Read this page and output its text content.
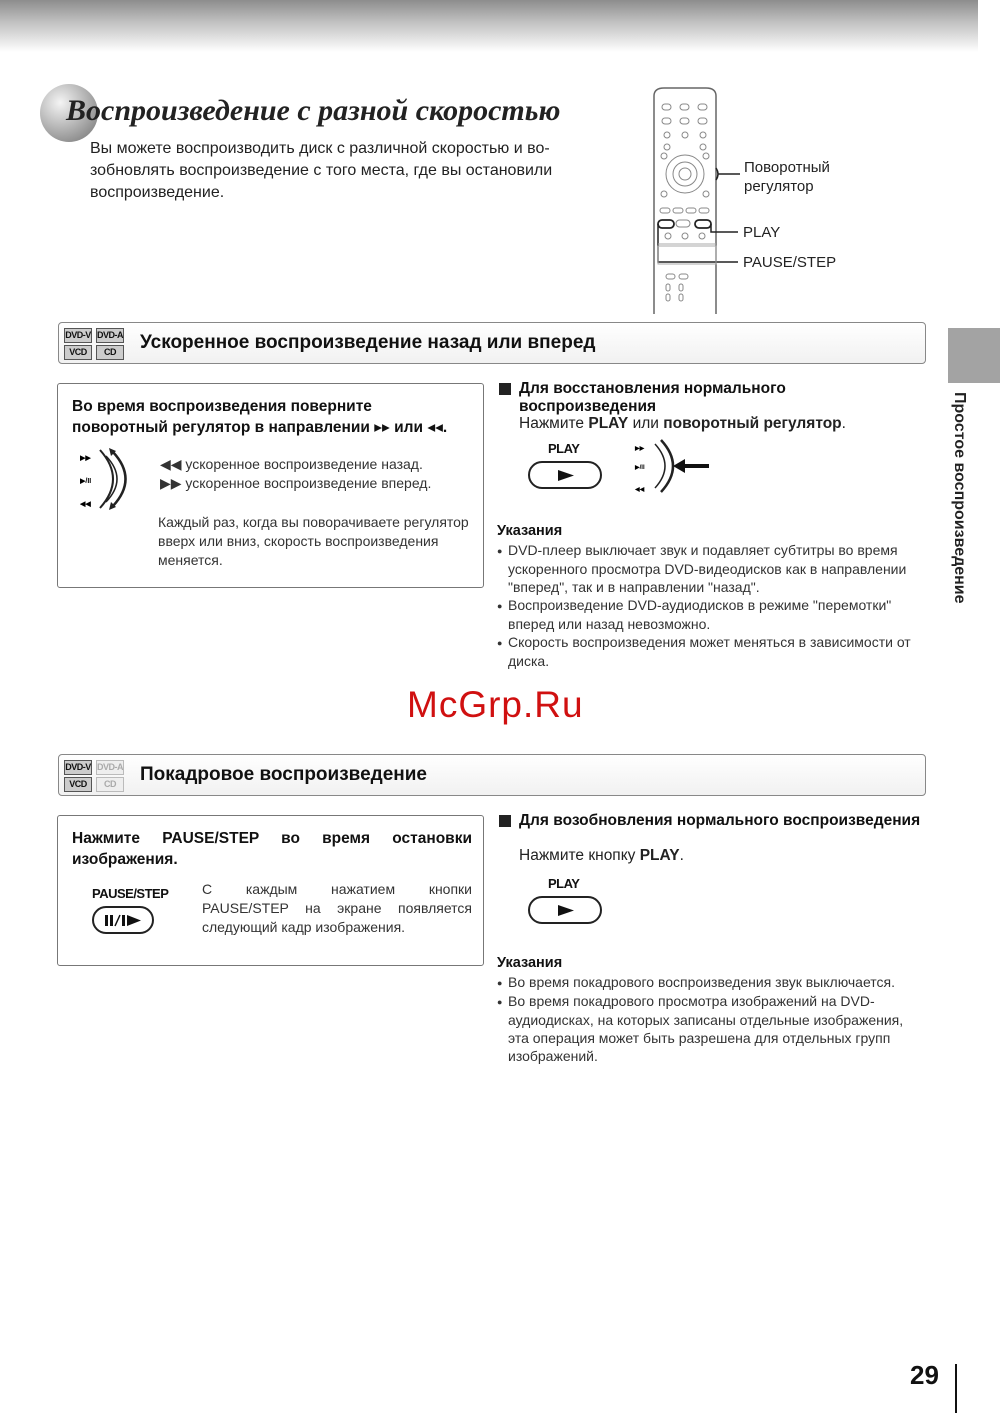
Воспроизведение с разной скоростью
Вы можете воспроизводить диск с различной скоростью и во-зобновлять воспроизведение с того места, где вы остановили воспроизведение.
Поворотный
регулятор
PLAY
PAUSE/STEP
Простое воспроизведение
DVD-V DVD-A
VCD	CD	Ускоренное воспроизведение назад или вперед
Во время воспроизведения поверните поворотный регулятор в направлении ▸▸ или ◂◂.
▶▶
▶/II
◀◀
◀◀ ускоренное воспроизведение назад.
▶▶ ускоренное воспроизведение вперед.
Каждый раз, когда вы поворачиваете регулятор вверх или вниз, скорость воспроизведения меняется.
Для восстановления нормального воспроизведения
Нажмите PLAY или поворотный регулятор.
PLAY	▶▶
▶/II
◀◀
Указания
● DVD-плеер выключает звук и подавляет субтитры во время ускоренного просмотра DVD-видеодисков как в направлении "вперед", так и в направлении "назад".
● Воспроизведение DVD-аудиодисков в режиме "перемотки" вперед или назад невозможно.
● Скорость воспроизведения может меняться в зависимости от диска.
McGrp.Ru
DVD-V DVD-A
VCD	CD	Покадровое воспроизведение
Нажмите PAUSE/STEP во время остановки изображения.
PAUSE/STEP С каждым нажатием кнопки PAUSE/STEP на экране появляется следующий кадр изображения.
Для возобновления нормального воспроизведения
Нажмите кнопку PLAY.
PLAY
Указания
● Во время покадрового воспроизведения звук выключается.
● Во время покадрового просмотра изображений на DVD-аудиодисках, на которых записаны отдельные изображения, эта операция может быть разрешена для отдельных групп изображений.
29
